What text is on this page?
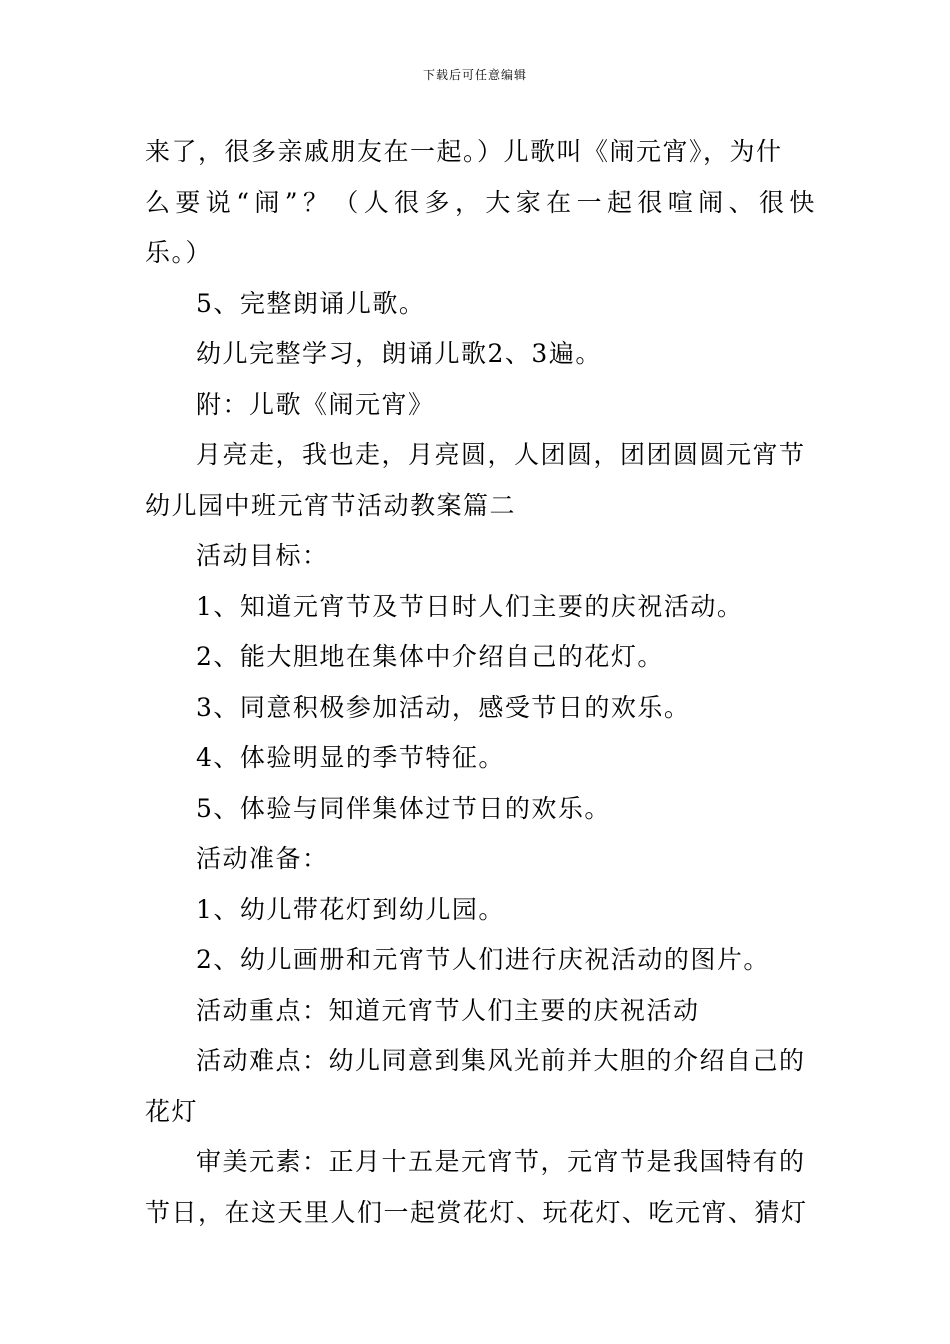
下载后可任意编辑

来了，很多亲戚朋友在一起。）儿歌叫《闹元宵》，为什

么要说“闹”？（人很多，大家在一起很喧闹、很快

乐。）

5、完整朗诵儿歌。

幼儿完整学习，朗诵儿歌2、3遍。

附：儿歌《闹元宵》

月亮走，我也走，月亮圆，人团圆，团团圆圆元宵节

幼儿园中班元宵节活动教案篇二

活动目标：

1、知道元宵节及节日时人们主要的庆祝活动。

2、能大胆地在集体中介绍自己的花灯。

3、同意积极参加活动，感受节日的欢乐。

4、体验明显的季节特征。

5、体验与同伴集体过节日的欢乐。

活动准备：

1、幼儿带花灯到幼儿园。

2、幼儿画册和元宵节人们进行庆祝活动的图片。

活动重点：知道元宵节人们主要的庆祝活动

活动难点：幼儿同意到集风光前并大胆的介绍自己的

花灯

审美元素：正月十五是元宵节，元宵节是我国特有的

节日，在这天里人们一起赏花灯、玩花灯、吃元宵、猜灯
